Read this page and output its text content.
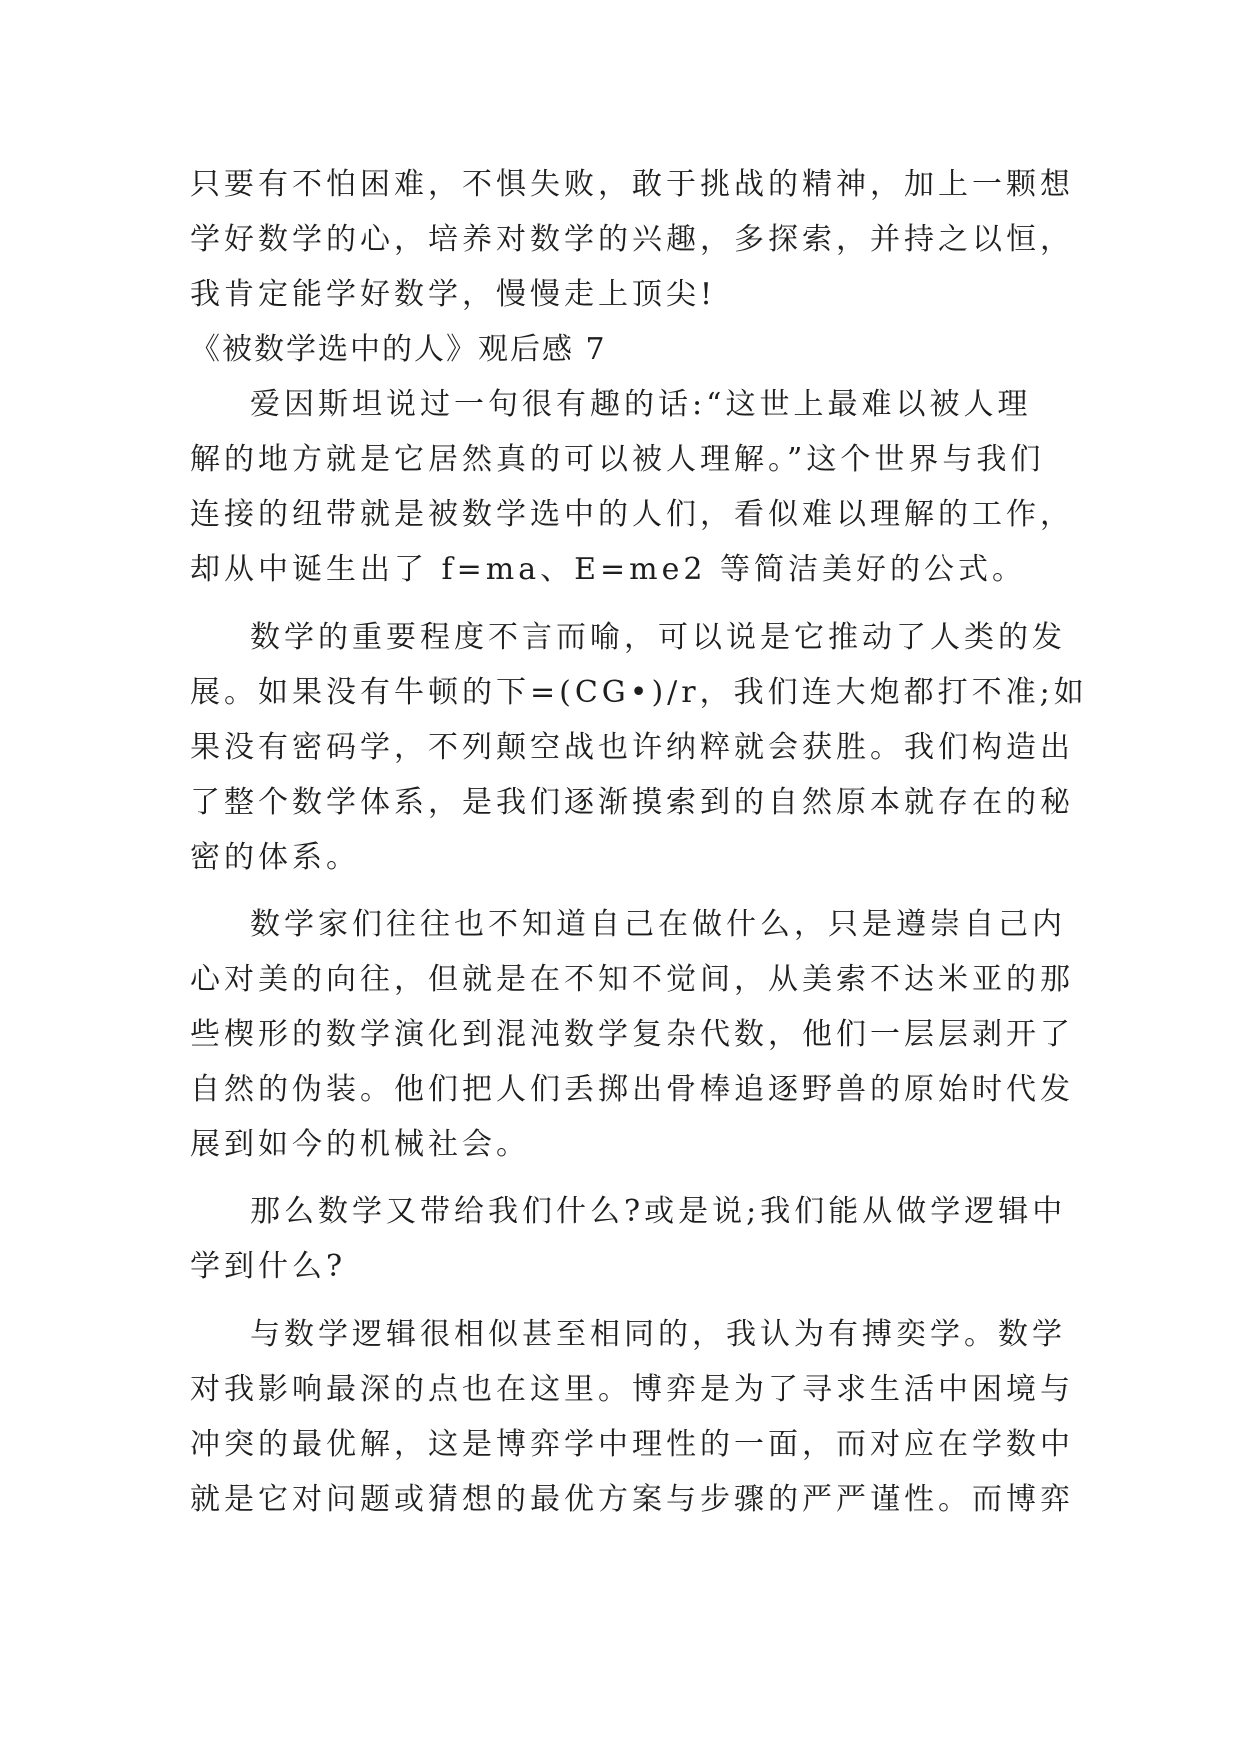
只要有不怕困难，不惧失败，敢于挑战的精神，加上一颗想
学好数学的心，培养对数学的兴趣，多探索，并持之以恒，
我肯定能学好数学，慢慢走上顶尖!
《被数学选中的人》观后感 7
爱因斯坦说过一句很有趣的话:“这世上最难以被人理
解的地方就是它居然真的可以被人理解。”这个世界与我们
连接的纽带就是被数学选中的人们，看似难以理解的工作，
却从中诞生出了 f=ma、E=me2 等简洁美好的公式。
数学的重要程度不言而喻，可以说是它推动了人类的发
展。如果没有牛顿的下=(CG•)/r，我们连大炮都打不准;如
果没有密码学，不列颠空战也许纳粹就会获胜。我们构造出
了整个数学体系，是我们逐渐摸索到的自然原本就存在的秘
密的体系。
数学家们往往也不知道自己在做什么，只是遵崇自己内
心对美的向往，但就是在不知不觉间，从美索不达米亚的那
些楔形的数学演化到混沌数学复杂代数，他们一层层剥开了
自然的伪装。他们把人们丢掷出骨棒追逐野兽的原始时代发
展到如今的机械社会。
那么数学又带给我们什么?或是说;我们能从做学逻辑中
学到什么?
与数学逻辑很相似甚至相同的，我认为有搏奕学。数学
对我影响最深的点也在这里。博弈是为了寻求生活中困境与
冲突的最优解，这是博弈学中理性的一面，而对应在学数中
就是它对问题或猜想的最优方案与步骤的严严谨性。而博弈
